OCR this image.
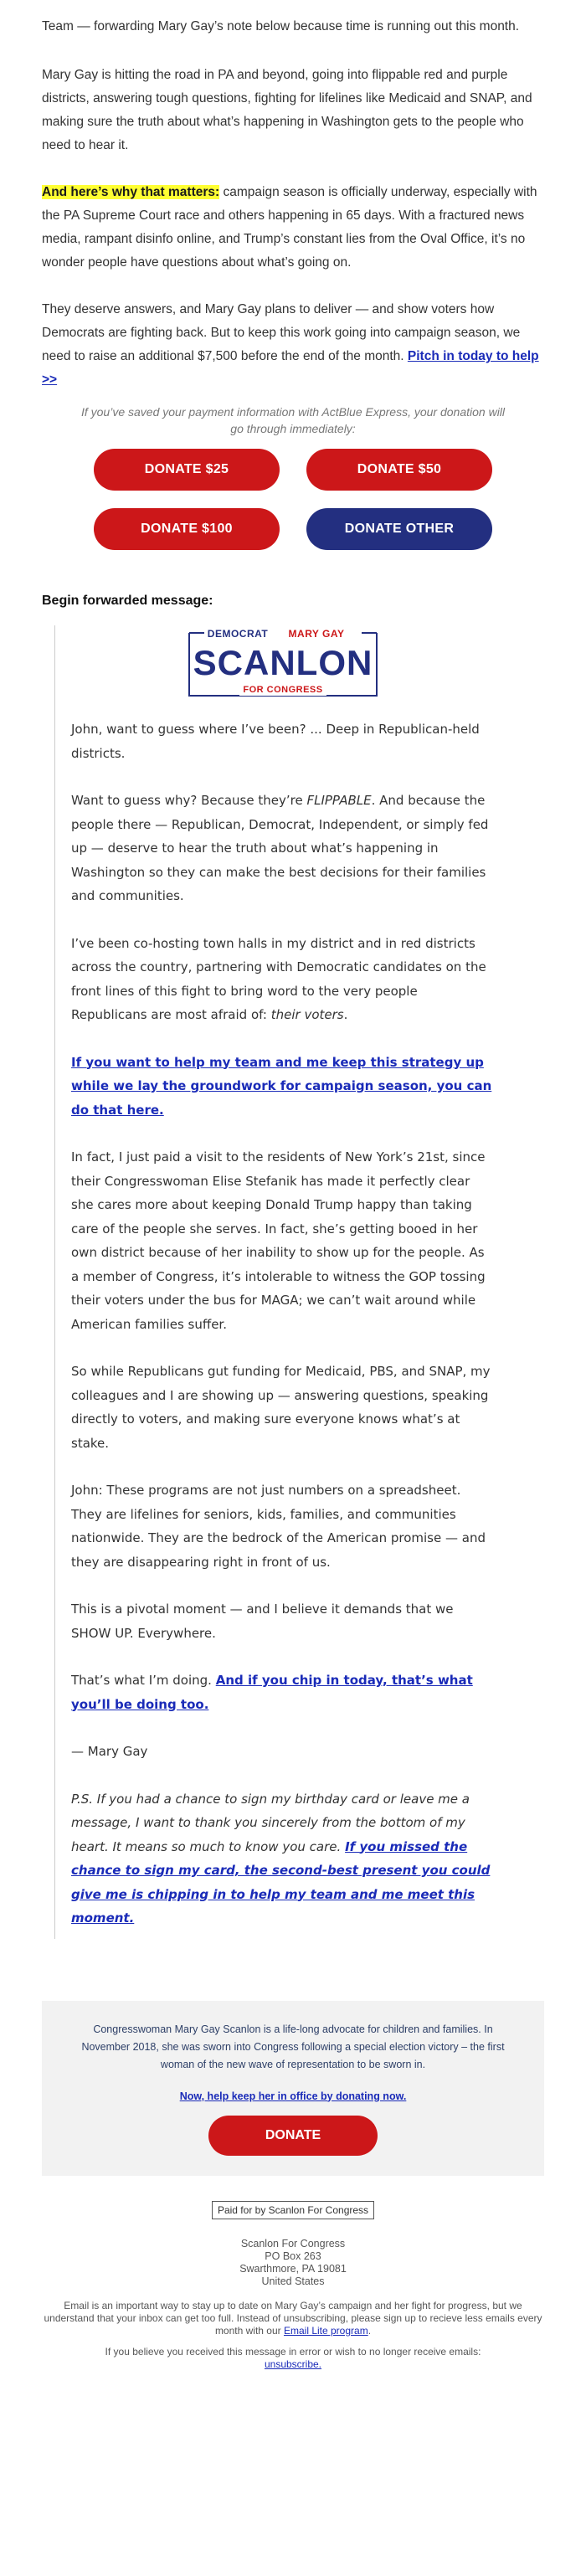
Team — forwarding Mary Gay’s note below because time is running out this month.

Mary Gay is hitting the road in PA and beyond, going into flippable red and purple districts, answering tough questions, fighting for lifelines like Medicaid and SNAP, and making sure the truth about what’s happening in Washington gets to the people who need to hear it.

And here’s why that matters: campaign season is officially underway, especially with the PA Supreme Court race and others happening in 65 days. With a fractured news media, rampant disinfo online, and Trump’s constant lies from the Oval Office, it’s no wonder people have questions about what’s going on.

They deserve answers, and Mary Gay plans to deliver — and show voters how Democrats are fighting back. But to keep this work going into campaign season, we need to raise an additional $7,500 before the end of the month. Pitch in today to help >>

If you’ve saved your payment information with ActBlue Express, your donation will go through immediately:

DONATE $25	DONATE $50
DONATE $100	DONATE OTHER

Begin forwarded message:

DEMOCRAT MARY GAY
SCANLON
FOR CONGRESS

John, want to guess where I’ve been? ... Deep in Republican-held districts.

Want to guess why? Because they’re FLIPPABLE. And because the people there — Republican, Democrat, Independent, or simply fed up — deserve to hear the truth about what’s happening in Washington so they can make the best decisions for their families and communities.

I’ve been co-hosting town halls in my district and in red districts across the country, partnering with Democratic candidates on the front lines of this fight to bring word to the very people Republicans are most afraid of: their voters.

If you want to help my team and me keep this strategy up while we lay the groundwork for campaign season, you can do that here.

In fact, I just paid a visit to the residents of New York’s 21st, since their Congresswoman Elise Stefanik has made it perfectly clear she cares more about keeping Donald Trump happy than taking care of the people she serves. In fact, she’s getting booed in her own district because of her inability to show up for the people. As a member of Congress, it’s intolerable to witness the GOP tossing their voters under the bus for MAGA; we can’t wait around while American families suffer.

So while Republicans gut funding for Medicaid, PBS, and SNAP, my colleagues and I are showing up — answering questions, speaking directly to voters, and making sure everyone knows what’s at stake.

John: These programs are not just numbers on a spreadsheet. They are lifelines for seniors, kids, families, and communities nationwide. They are the bedrock of the American promise — and they are disappearing right in front of us.

This is a pivotal moment — and I believe it demands that we SHOW UP. Everywhere.

That’s what I’m doing. And if you chip in today, that’s what you’ll be doing too.

— Mary Gay

P.S. If you had a chance to sign my birthday card or leave me a message, I want to thank you sincerely from the bottom of my heart. It means so much to know you care. If you missed the chance to sign my card, the second-best present you could give me is chipping in to help my team and me meet this moment.

Congresswoman Mary Gay Scanlon is a life-long advocate for children and families. In November 2018, she was sworn into Congress following a special election victory – the first woman of the new wave of representation to be sworn in.

Now, help keep her in office by donating now.
DONATE
Paid for by Scanlon For Congress
Scanlon For Congress
PO Box 263
Swarthmore, PA 19081
United States

Email is an important way to stay up to date on Mary Gay’s campaign and her fight for progress, but we understand that your inbox can get too full. Instead of unsubscribing, please sign up to recieve less emails every month with our Email Lite program.

If you believe you received this message in error or wish to no longer receive emails:
unsubscribe.
